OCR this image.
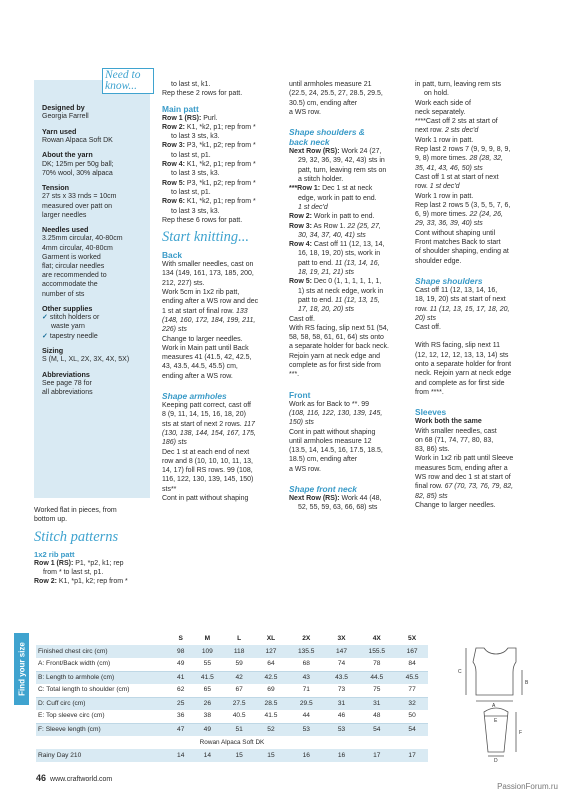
Designed by

Georgia Farrell

Yarn used

Rowan Alpaca Soft DK

About the yarn

DK; 125m per 50g ball;

70% wool, 30% alpaca

Tension

27 sts x 33 rnds = 10cm

measured over patt on

larger needles

Needles used

3.25mm circular, 40-80cm

4mm circular, 40-80cm

Garment is worked

flat; circular needles

are recommended to

accommodate the

number of sts

Other supplies

✓ stitch holders or

waste yarn

✓ tapestry needle

Sizing

S (M, L, XL, 2X, 3X, 4X, 5X)

Abbreviations

See page 78 for

all abbreviations

Need to know...
Worked flat in pieces, from
bottom up.
Stitch patterns
1x2 rib patt
Row 1 (RS): P1, *p2, k1; rep
from * to last st, p1.
Row 2: K1, *p1, k2; rep from *
to last st, k1.
Rep these 2 rows for patt.
Main patt
Row 1 (RS): Purl.
Row 2: K1, *k2, p1; rep from *
to last 3 sts, k3.
Row 3: P3, *k1, p2; rep from *
to last st, p1.
Row 4: K1, *k2, p1; rep from *
to last 3 sts, k3.
Row 5: P3, *k1, p2; rep from *
to last st, p1.
Row 6: K1, *k2, p1; rep from *
to last 3 sts, k3.
Rep these 6 rows for patt.
Start knitting...
Back
With smaller needles, cast on
134 (149, 161, 173, 185, 200,
212, 227) sts.
Work 5cm in 1x2 rib patt,
ending after a WS row and dec
1 st at start of final row. 133
(148, 160, 172, 184, 199, 211,
226) sts
Change to larger needles.
Work in Main patt until Back
measures 41 (41.5, 42, 42.5,
43, 43.5, 44.5, 45.5) cm,
ending after a WS row.
Shape armholes
Keeping patt correct, cast off
8 (9, 11, 14, 15, 16, 18, 20)
sts at start of next 2 rows. 117
(130, 138, 144, 154, 167, 175,
186) sts
Dec 1 st at each end of next
row and 8 (10, 10, 10, 11, 13,
14, 17) foll RS rows. 99 (108,
116, 122, 130, 139, 145, 150)
sts**
Cont in patt without shaping
until armholes measure 21
(22.5, 24, 25.5, 27, 28.5, 29.5,
30.5) cm, ending after
a WS row.
Shape shoulders &
back neck
Next Row (RS): Work 24 (27,
29, 32, 36, 39, 42, 43) sts in
patt, turn, leaving rem sts on
a stitch holder.
***Row 1: Dec 1 st at neck
edge, work in patt to end.
1 st dec'd
Row 2: Work in patt to end.
Row 3: As Row 1. 22 (25, 27,
30, 34, 37, 40, 41) sts
Row 4: Cast off 11 (12, 13, 14,
16, 18, 19, 20) sts, work in
patt to end. 11 (13, 14, 16,
18, 19, 21, 21) sts
Row 5: Dec 0 (1, 1, 1, 1, 1, 1,
1) sts at neck edge, work in
patt to end. 11 (12, 13, 15,
17, 18, 20, 20) sts
Cast off.
With RS facing, slip next 51 (54,
58, 58, 58, 61, 61, 64) sts onto
a separate holder for back neck.
Rejoin yarn at neck edge and
complete as for first side from
***.
Front
Work as for Back to **. 99
(108, 116, 122, 130, 139, 145,
150) sts
Cont in patt without shaping
until armholes measure 12
(13.5, 14, 14.5, 16, 17.5, 18.5,
18.5) cm, ending after
a WS row.
Shape front neck
Next Row (RS): Work 44 (48,
52, 55, 59, 63, 66, 68) sts
in patt, turn, leaving rem sts
on hold.
Work each side of
neck separately.
****Cast off 2 sts at start of
next row. 2 sts dec'd
Work 1 row in patt.
Rep last 2 rows 7 (9, 9, 9, 8, 9,
9, 8) more times. 28 (28, 32,
35, 41, 43, 46, 50) sts
Cast off 1 st at start of next
row. 1 st dec'd
Work 1 row in patt.
Rep last 2 rows 5 (3, 5, 5, 7, 6,
6, 9) more times. 22 (24, 26,
29, 33, 36, 39, 40) sts
Cont without shaping until
Front matches Back to start
of shoulder shaping, ending at
shoulder edge.
Shape shoulders
Cast off 11 (12, 13, 14, 16,
18, 19, 20) sts at start of next
row. 11 (12, 13, 15, 17, 18, 20,
20) sts
Cast off.
With RS facing, slip next 11
(12, 12, 12, 12, 13, 13, 14) sts
onto a separate holder for front
neck. Rejoin yarn at neck edge
and complete as for first side
from ****.
Sleeves
Work both the same
With smaller needles, cast
on 68 (71, 74, 77, 80, 83,
83, 86) sts.
Work in 1x2 rib patt until Sleeve
measures 5cm, ending after a
WS row and dec 1 st at start of
final row. 67 (70, 73, 76, 79, 82,
82, 85) sts
Change to larger needles.
Find your size
	S	M	L	XL	2X	3X	4X	5X
Finished chest circ (cm)	98	109	118	127	135.5	147	155.5	167
A: Front/Back width (cm)	49	55	59	64	68	74	78	84
B: Length to armhole (cm)	41	41.5	42	42.5	43	43.5	44.5	45.5
C: Total length to shoulder (cm)	62	65	67	69	71	73	75	77
D: Cuff circ (cm)	25	26	27.5	28.5	29.5	31	31	32
E: Top sleeve circ (cm)	36	38	40.5	41.5	44	46	48	50
F: Sleeve length (cm)	47	49	51	52	53	53	54	54
Rowan Alpaca Soft DK								
Rainy Day 210	14	14	15	15	16	16	17	17
A
B
C
D
E
F
46 www.craftworld.com
PassionForum.ru
